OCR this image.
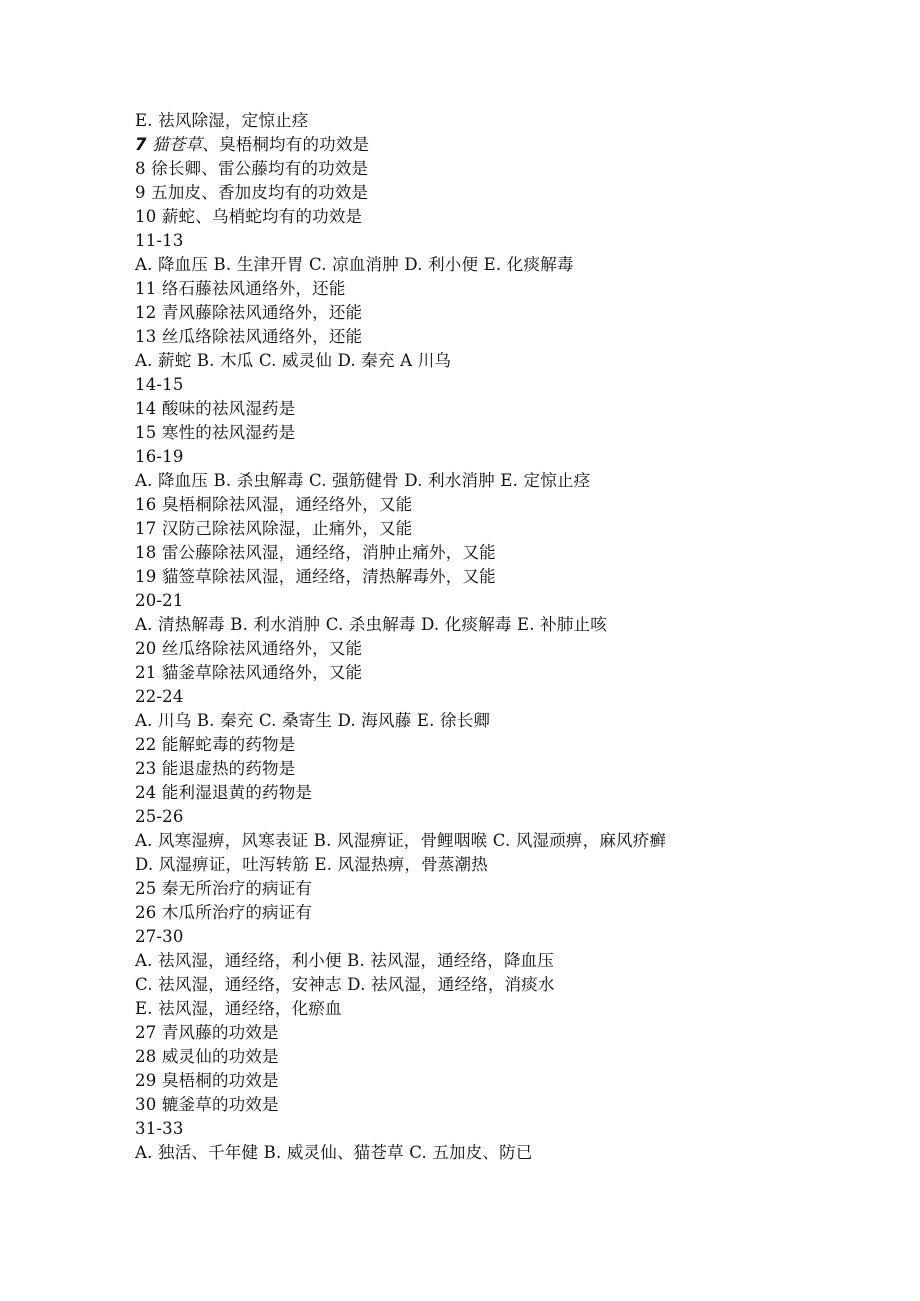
E. 祛风除湿，定惊止痉
7 猫苍草、臭梧桐均有的功效是
8 徐长卿、雷公藤均有的功效是
9 五加皮、香加皮均有的功效是
10 薪蛇、乌梢蛇均有的功效是
11-13
A. 降血压 B. 生津开胃 C. 凉血消肿 D. 利小便 E. 化痰解毒
11 络石藤祛风通络外，还能
12 青风藤除祛风通络外，还能
13 丝瓜络除祛风通络外，还能
A. 薪蛇 B. 木瓜 C. 威灵仙 D. 秦充 A 川乌
14-15
14 酸味的祛风湿药是
15 寒性的祛风湿药是
16-19
A. 降血压 B. 杀虫解毒 C. 强筋健骨 D. 利水消肿 E. 定惊止痉
16 臭梧桐除祛风湿，通经络外，又能
17 汉防己除祛风除湿，止痛外，又能
18 雷公藤除祛风湿，通经络，消肿止痛外，又能
19 貓签草除祛风湿，通经络，清热解毒外，又能
20-21
A. 清热解毒 B. 利水消肿 C. 杀虫解毒 D. 化痰解毒 E. 补肺止咳
20 丝瓜络除祛风通络外，又能
21 貓釜草除祛风通络外，又能
22-24
A. 川乌 B. 秦充 C. 桑寄生 D. 海风藤 E. 徐长卿
22 能解蛇毒的药物是
23 能退虚热的药物是
24 能利湿退黄的药物是
25-26
A. 风寒湿痹，风寒表证 B. 风湿痹证，骨鲤咽喉 C. 风湿顽痹，麻风疥癣
D. 风湿痹证，吐泻转筋 E. 风湿热痹，骨蒸潮热
25 秦无所治疗的病证有
26 木瓜所治疗的病证有
27-30
A. 祛风湿，通经络，利小便 B. 祛风湿，通经络，降血压
C. 祛风湿，通经络，安神志 D. 祛风湿，通经络，消痰水
E. 祛风湿，通经络，化瘀血
27 青风藤的功效是
28 威灵仙的功效是
29 臭梧桐的功效是
30 辘釜草的功效是
31-33
A. 独活、千年健 B. 威灵仙、猫苍草 C. 五加皮、防已
